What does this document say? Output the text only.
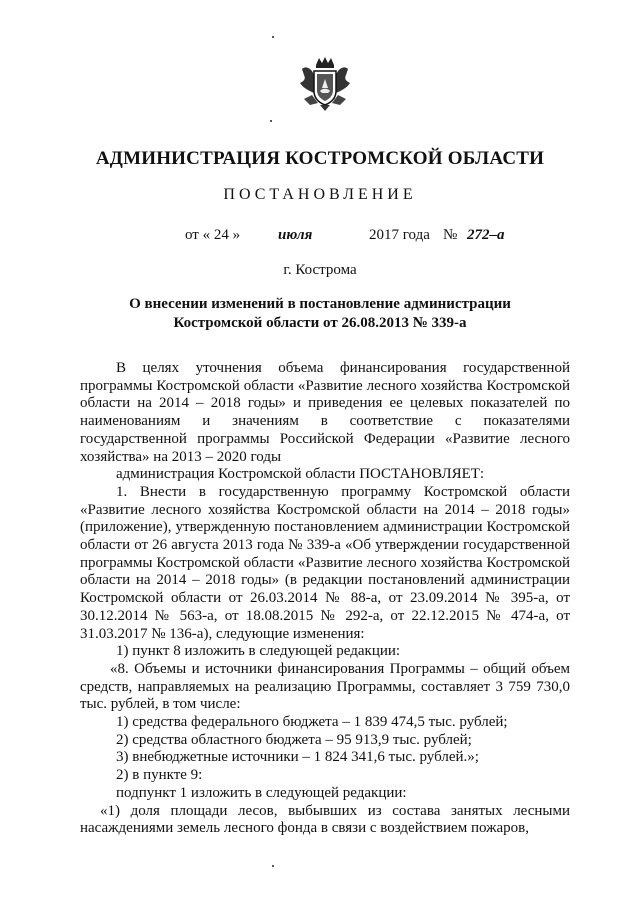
АДМИНИСТРАЦИЯ КОСТРОМСКОЙ ОБЛАСТИ
ПОСТАНОВЛЕНИЕ
от « 24 »	июля	2017 года № 272–а
г. Кострома
О внесении изменений в постановление администрации
Костромской области от 26.08.2013 № 339-а

В целях уточнения объема финансирования государственной программы Костромской области «Развитие лесного хозяйства Костромской области на 2014 – 2018 годы» и приведения ее целевых показателей по наименованиям и значениям в соответствие с показателями государственной программы Российской Федерации «Развитие лесного хозяйства» на 2013 – 2020 годы

администрация Костромской области ПОСТАНОВЛЯЕТ:

1. Внести в государственную программу Костромской области «Развитие лесного хозяйства Костромской области на 2014 – 2018 годы» (приложение), утвержденную постановлением администрации Костромской области от 26 августа 2013 года № 339-а «Об утверждении государственной программы Костромской области «Развитие лесного хозяйства Костромской области на 2014 – 2018 годы» (в редакции постановлений администрации Костромской области от 26.03.2014 № 88-а, от 23.09.2014 № 395-а, от 30.12.2014 № 563-а, от 18.08.2015 № 292-а, от 22.12.2015 № 474-а, от 31.03.2017 № 136-а), следующие изменения:

1) пункт 8 изложить в следующей редакции:

«8. Объемы и источники финансирования Программы – общий объем средств, направляемых на реализацию Программы, составляет 3 759 730,0 тыс. рублей, в том числе:

1) средства федерального бюджета – 1 839 474,5 тыс. рублей;

2) средства областного бюджета – 95 913,9 тыс. рублей;

3) внебюджетные источники – 1 824 341,6 тыс. рублей.»;

2) в пункте 9:

подпункт 1 изложить в следующей редакции:

«1) доля площади лесов, выбывших из состава занятых лесными насаждениями земель лесного фонда в связи с воздействием пожаров,
